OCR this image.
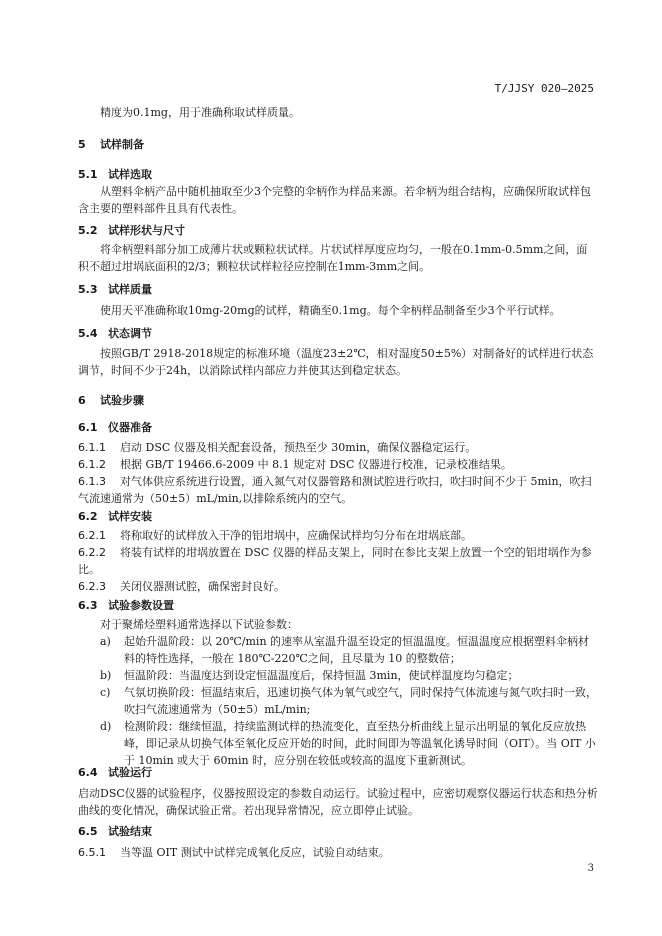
T/JJSY 020—2025
精度为0.1mg，用于准确称取试样质量。
5 试样制备
5.1 试样选取
从塑料伞柄产品中随机抽取至少3个完整的伞柄作为样品来源。若伞柄为组合结构，应确保所取试样包含主要的塑料部件且具有代表性。
5.2 试样形状与尺寸
将伞柄塑料部分加工成薄片状或颗粒状试样。片状试样厚度应均匀，一般在0.1mm-0.5mm之间，面积不超过坩埚底面积的2/3；颗粒状试样粒径应控制在1mm-3mm之间。
5.3 试样质量
使用天平准确称取10mg-20mg的试样，精确至0.1mg。每个伞柄样品制备至少3个平行试样。
5.4 状态调节
按照GB/T 2918-2018规定的标准环境（温度23±2℃，相对湿度50±5%）对制备好的试样进行状态调节，时间不少于24h，以消除试样内部应力并使其达到稳定状态。
6 试验步骤
6.1 仪器准备
6.1.1 启动 DSC 仪器及相关配套设备，预热至少 30min，确保仪器稳定运行。
6.1.2 根据 GB/T 19466.6-2009 中 8.1 规定对 DSC 仪器进行校准，记录校准结果。
6.1.3 对气体供应系统进行设置，通入氮气对仪器管路和测试腔进行吹扫，吹扫时间不少于 5min，吹扫气流速通常为（50±5）mL/min,以排除系统内的空气。
6.2 试样安装
6.2.1 将称取好的试样放入干净的铝坩埚中，应确保试样均匀分布在坩埚底部。
6.2.2 将装有试样的坩埚放置在 DSC 仪器的样品支架上，同时在参比支架上放置一个空的铝坩埚作为参比。
6.2.3 关闭仪器测试腔，确保密封良好。
6.3 试验参数设置
对于聚烯烃塑料通常选择以下试验参数：
a) 起始升温阶段：以 20℃/min 的速率从室温升温至设定的恒温温度。恒温温度应根据塑料伞柄材料的特性选择，一般在 180℃-220℃之间，且尽量为 10 的整数倍；
b) 恒温阶段：当温度达到设定恒温温度后，保持恒温 3min，使试样温度均匀稳定；
c) 气氛切换阶段：恒温结束后，迅速切换气体为氧气或空气，同时保持气体流速与氮气吹扫时一致，吹扫气流速通常为（50±5）mL/min;
d) 检测阶段：继续恒温，持续监测试样的热流变化，直至热分析曲线上显示出明显的氧化反应放热峰，即记录从切换气体至氧化反应开始的时间，此时间即为等温氧化诱导时间（OIT）。当 OIT 小于 10min 或大于 60min 时，应分别在较低或较高的温度下重新测试。
6.4 试验运行
启动DSC仪器的试验程序，仪器按照设定的参数自动运行。试验过程中，应密切观察仪器运行状态和热分析曲线的变化情况，确保试验正常。若出现异常情况，应立即停止试验。
6.5 试验结束
6.5.1 当等温 OIT 测试中试样完成氧化反应，试验自动结束。
3
